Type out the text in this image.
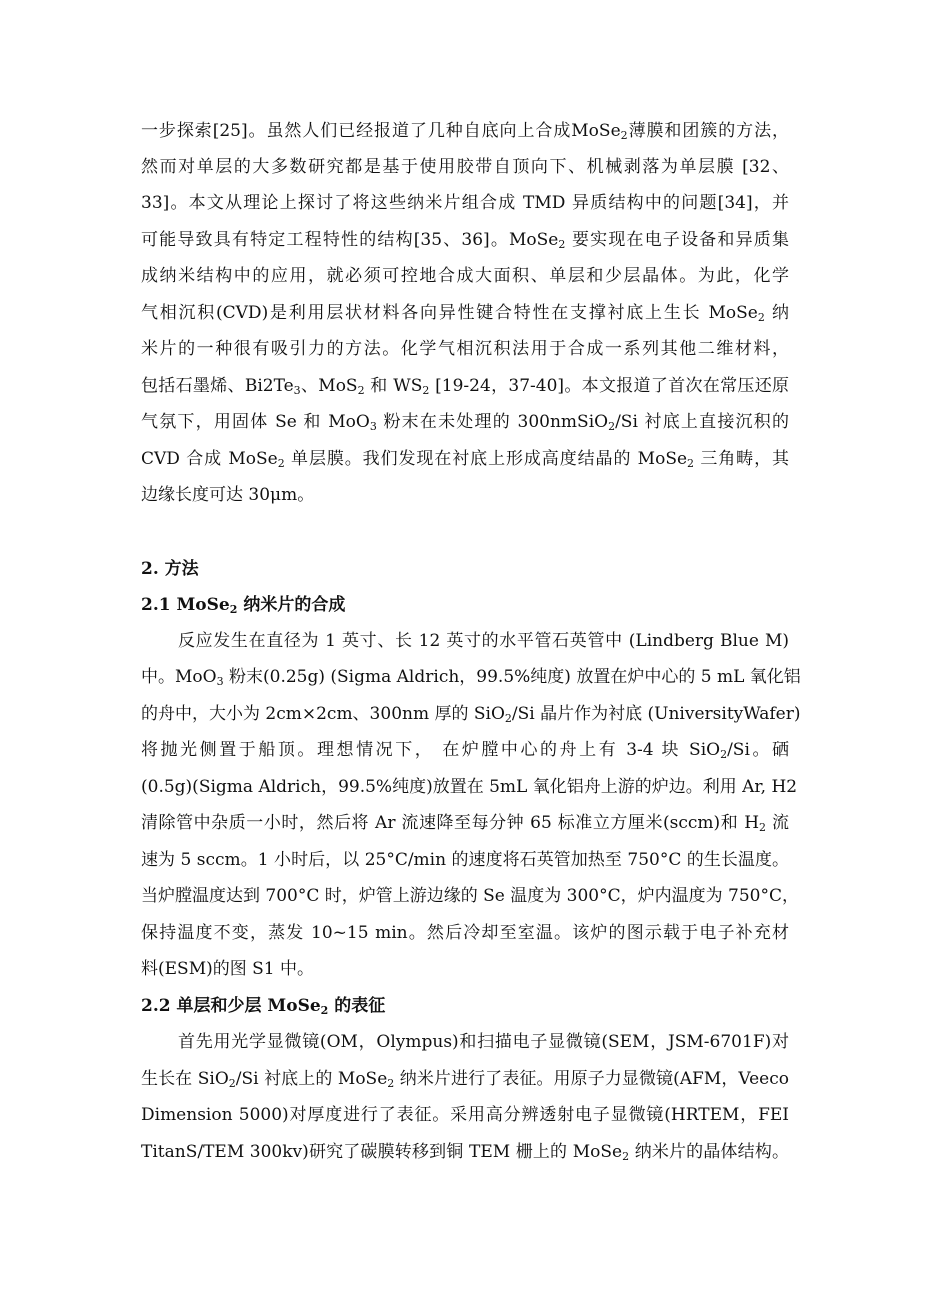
一步探索[25]。虽然人们已经报道了几种自底向上合成MoSe$_2$薄膜和团簇的方法，
然而对单层的大多数研究都是基于使用胶带自顶向下、机械剥落为单层膜 [32、
33]。本文从理论上探讨了将这些纳米片组合成 TMD 异质结构中的问题[34]，并
可能导致具有特定工程特性的结构[35、36]。MoSe$_2$ 要实现在电子设备和异质集
成纳米结构中的应用，就必须可控地合成大面积、单层和少层晶体。为此，化学
气相沉积(CVD)是利用层状材料各向异性键合特性在支撑衬底上生长 MoSe$_2$ 纳
米片的一种很有吸引力的方法。化学气相沉积法用于合成一系列其他二维材料，
包括石墨烯、$Bi2Te_3$、MoS$_2$ 和 $WS_2$ [19-24，37-40]。本文报道了首次在常压还原
气氛下，用固体 Se 和 MoO$_3$ 粉末在未处理的 300nmSiO$_2$/Si 衬底上直接沉积的
CVD 合成 MoSe$_2$ 单层膜。我们发现在衬底上形成高度结晶的 MoSe$_2$ 三角畴，其
边缘长度可达 30μm。
2. 方法
2.1 MoSe$_2$ 纳米片的合成
反应发生在直径为 1 英寸、长 12 英寸的水平管石英管中 (Lindberg Blue M)
中。MoO$_3$ 粉末(0.25g) (Sigma Aldrich，99.5%纯度) 放置在炉中心的 5 mL 氧化铝
的舟中，大小为 2cm×2cm、300nm 厚的 SiO$_2$/Si 晶片作为衬底 (UniversityWafer)
将抛光侧置于船顶。理想情况下， 在炉膛中心的舟上有 3-4 块 SiO$_2$/Si。硒
(0.5g)(Sigma Aldrich，99.5%纯度)放置在 5mL 氧化铝舟上游的炉边。利用 Ar, H2
清除管中杂质一小时，然后将 Ar 流速降至每分钟 65 标准立方厘米(sccm)和 $H_2$ 流
速为 5 sccm。1 小时后，以 25°C/min 的速度将石英管加热至 750°C 的生长温度。
当炉膛温度达到 700°C 时，炉管上游边缘的 Se 温度为 300°C，炉内温度为 750°C，
保持温度不变，蒸发 10~15 min。然后冷却至室温。该炉的图示载于电子补充材
料(ESM)的图 S1 中。
2.2 单层和少层 MoSe$_2$ 的表征
首先用光学显微镜(OM，Olympus)和扫描电子显微镜(SEM，JSM-6701F)对
生长在 SiO$_2$/Si 衬底上的 MoSe$_2$ 纳米片进行了表征。用原子力显微镜(AFM，Veeco
Dimension 5000)对厚度进行了表征。采用高分辨透射电子显微镜(HRTEM，FEI
TitanS/TEM 300kv)研究了碳膜转移到铜 TEM 栅上的 MoSe$_2$ 纳米片的晶体结构。
